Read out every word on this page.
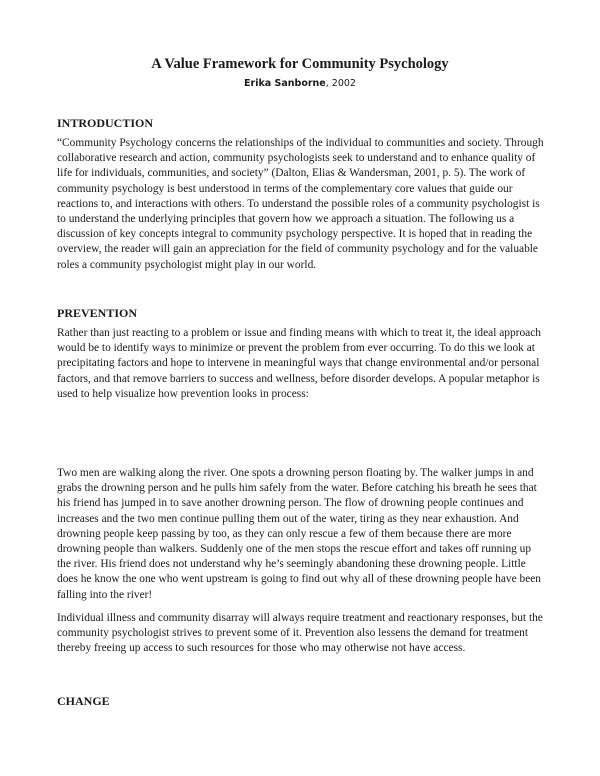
A Value Framework for Community Psychology

Erika Sanborne, 2002

INTRODUCTION

“Community Psychology concerns the relationships of the individual to communities and society. Through collaborative research and action, community psychologists seek to understand and to enhance quality of life for individuals, communities, and society” (Dalton, Elias & Wandersman, 2001, p. 5). The work of community psychology is best understood in terms of the complementary core values that guide our reactions to, and interactions with others. To understand the possible roles of a community psychologist is to understand the underlying principles that govern how we approach a situation. The following us a discussion of key concepts integral to community psychology perspective. It is hoped that in reading the overview, the reader will gain an appreciation for the field of community psychology and for the valuable roles a community psychologist might play in our world.

PREVENTION

Rather than just reacting to a problem or issue and finding means with which to treat it, the ideal approach would be to identify ways to minimize or prevent the problem from ever occurring. To do this we look at precipitating factors and hope to intervene in meaningful ways that change environmental and/or personal factors, and that remove barriers to success and wellness, before disorder develops. A popular metaphor is used to help visualize how prevention looks in process:

Two men are walking along the river. One spots a drowning person floating by. The walker jumps in and grabs the drowning person and he pulls him safely from the water. Before catching his breath he sees that his friend has jumped in to save another drowning person. The flow of drowning people continues and increases and the two men continue pulling them out of the water, tiring as they near exhaustion. And drowning people keep passing by too, as they can only rescue a few of them because there are more drowning people than walkers. Suddenly one of the men stops the rescue effort and takes off running up the river. His friend does not understand why he’s seemingly abandoning these drowning people. Little does he know the one who went upstream is going to find out why all of these drowning people have been falling into the river!

Individual illness and community disarray will always require treatment and reactionary responses, but the community psychologist strives to prevent some of it. Prevention also lessens the demand for treatment thereby freeing up access to such resources for those who may otherwise not have access.

CHANGE
